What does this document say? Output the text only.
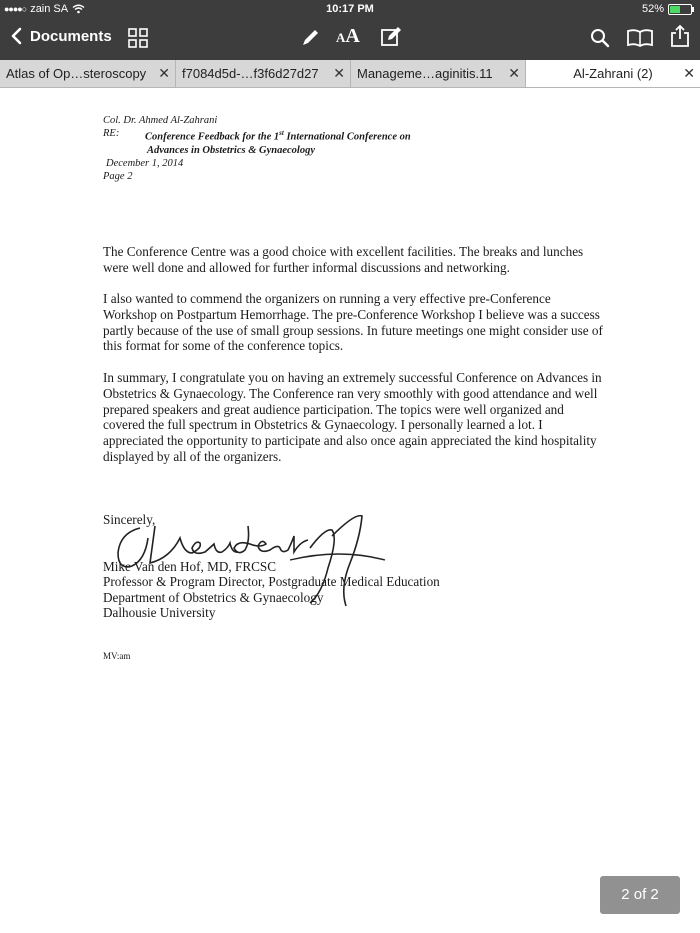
●●●●○ zain SA	10:17 PM	52%
Documents	AA
Atlas of Op…steroscopy ✕ f7084d5d-…f3f6d27d27 ✕ Manageme…aginitis.11 ✕	Al-Zahrani (2)	✕
Col. Dr. Ahmed Al-Zahrani
RE:	Conference Feedback for the 1st International Conference on
Advances in Obstetrics & Gynaecology
December 1, 2014
Page 2
The Conference Centre was a good choice with excellent facilities. The breaks and lunches were well done and allowed for further informal discussions and networking.
I also wanted to commend the organizers on running a very effective pre-Conference Workshop on Postpartum Hemorrhage. The pre-Conference Workshop I believe was a success partly because of the use of small group sessions. In future meetings one might consider use of this format for some of the conference topics.
In summary, I congratulate you on having an extremely successful Conference on Advances in Obstetrics & Gynaecology. The Conference ran very smoothly with good attendance and well prepared speakers and great audience participation. The topics were well organized and covered the full spectrum in Obstetrics & Gynaecology. I personally learned a lot. I appreciated the opportunity to participate and also once again appreciated the kind hospitality displayed by all of the organizers.
Sincerely,
Mike Van den Hof, MD, FRCSC
Professor & Program Director, Postgraduate Medical Education
Department of Obstetrics & Gynaecology
Dalhousie University
MV:am
2 of 2
